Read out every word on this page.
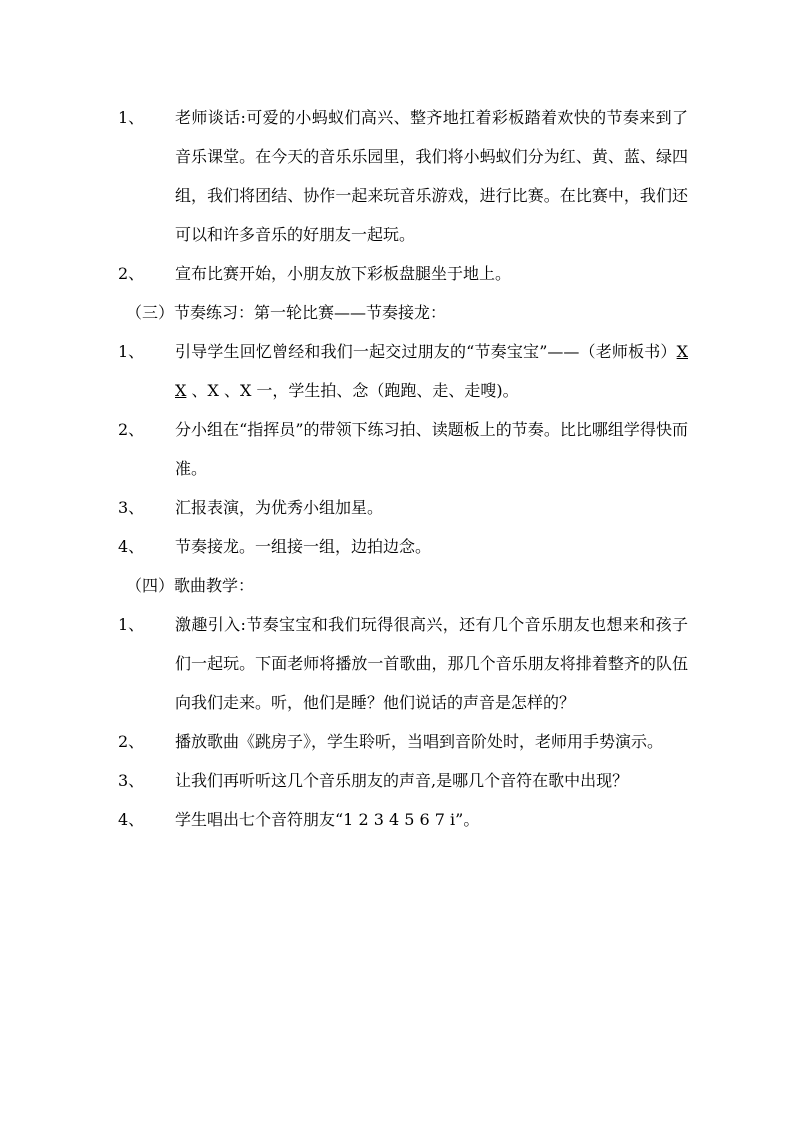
1、	老师谈话:可爱的小蚂蚁们高兴、整齐地扛着彩板踏着欢快的节奏来到了音乐课堂。在今天的音乐乐园里，我们将小蚂蚁们分为红、黄、蓝、绿四组，我们将团结、协作一起来玩音乐游戏，进行比赛。在比赛中，我们还可以和许多音乐的好朋友一起玩。
2、	宣布比赛开始，小朋友放下彩板盘腿坐于地上。
（三）节奏练习：第一轮比赛——节奏接龙：
1、	引导学生回忆曾经和我们一起交过朋友的“节奏宝宝”——（老师板书）X X 、X 、X 一，学生拍、念（跑跑、走、走嗖)。
2、	分小组在“指挥员”的带领下练习拍、读题板上的节奏。比比哪组学得快而准。
3、	汇报表演，为优秀小组加星。
4、	节奏接龙。一组接一组，边拍边念。
（四）歌曲教学：
1、	激趣引入:节奏宝宝和我们玩得很高兴，还有几个音乐朋友也想来和孩子们一起玩。下面老师将播放一首歌曲，那几个音乐朋友将排着整齐的队伍向我们走来。听，他们是睡？他们说话的声音是怎样的？
2、	播放歌曲《跳房子》，学生聆听，当唱到音阶处时，老师用手势演示。
3、	让我们再听听这几个音乐朋友的声音,是哪几个音符在歌中出现？
4、	学生唱出七个音符朋友“1 2 3 4 5 6 7 i”。
